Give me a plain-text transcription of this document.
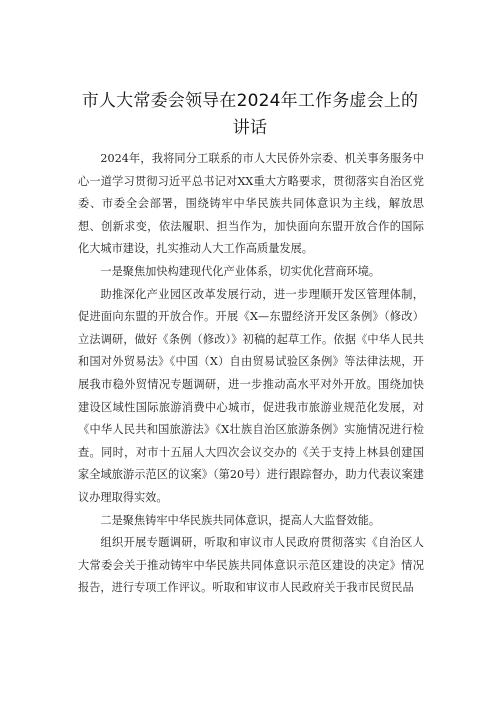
市人大常委会领导在2024年工作务虚会上的
讲话

2024年，我将同分工联系的市人大民侨外宗委、机关事务服务中心一道学习贯彻习近平总书记对XX重大方略要求，贯彻落实自治区党委、市委全会部署，围绕铸牢中华民族共同体意识为主线，解放思想、创新求变，依法履职、担当作为，加快面向东盟开放合作的国际化大城市建设，扎实推动人大工作高质量发展。

一是聚焦加快构建现代化产业体系，切实优化营商环境。

助推深化产业园区改革发展行动，进一步理顺开发区管理体制，促进面向东盟的开放合作。开展《X—东盟经济开发区条例》（修改）立法调研，做好《条例（修改）》初稿的起草工作。依据《中华人民共和国对外贸易法》《中国（X）自由贸易试验区条例》等法律法规，开展我市稳外贸情况专题调研，进一步推动高水平对外开放。围绕加快建设区域性国际旅游消费中心城市，促进我市旅游业规范化发展，对《中华人民共和国旅游法》《X壮族自治区旅游条例》实施情况进行检查。同时，对市十五届人大四次会议交办的《关于支持上林县创建国家全域旅游示范区的议案》（第20号）进行跟踪督办，助力代表议案建议办理取得实效。

二是聚焦铸牢中华民族共同体意识，提高人大监督效能。

组织开展专题调研，听取和审议市人民政府贯彻落实《自治区人大常委会关于推动铸牢中华民族共同体意识示范区建设的决定》情况报告，进行专项工作评议。听取和审议市人民政府关于我市民贸民品
